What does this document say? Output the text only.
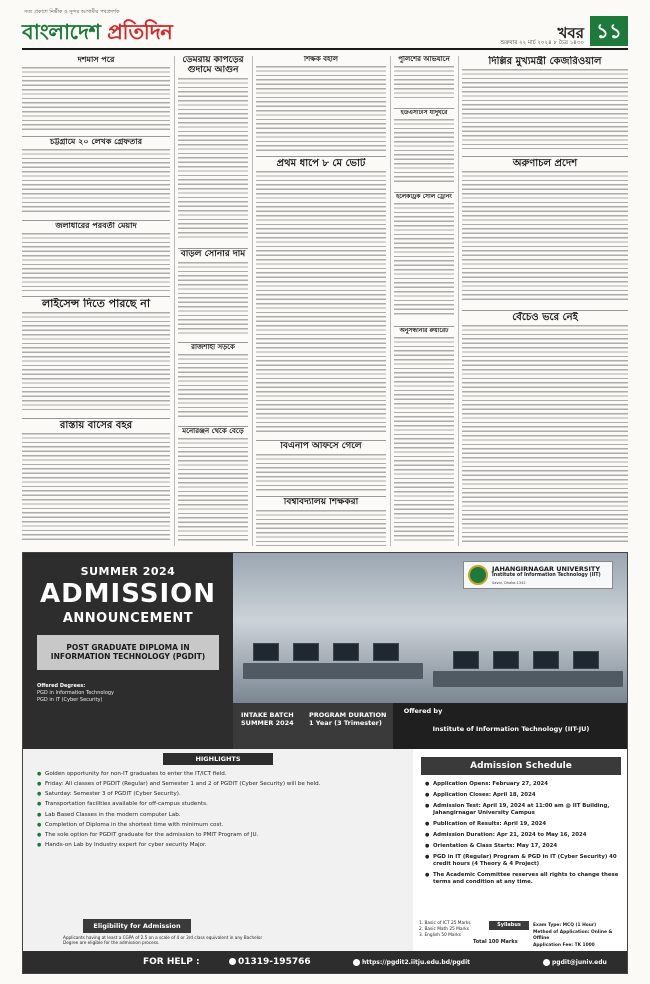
সত্য প্রকাশে নির্ভীক ও সুন্দর আগামীর পথপ্রদর্শক
বাংলাদেশ প্রতিদিন	খবর
শুক্রবার ২২ মার্চ ২০২৪ ৮ চৈত্র ১৪৩০ ১১
দশমাস পরে
চট্টগ্রামে ২০ লেখক গ্রেফতার
জলাধারের পরবর্তী মেয়াদ
লাইসেন্স দিতে পারছে না
রাস্তায় বাসের বহর
ডেমরায় কাপড়ের গুদামে আগুন
বাড়ল সোনার দাম
রাজশাহী সড়কে
মনোরঞ্জন থেকে বেড়ে
শিক্ষক বহাল
প্রথম ধাপে ৮ মে ভোট
বিএনপি অফিসে গেলে
বিশ্ববিদ্যালয় শিক্ষকরা
পুলিশের অভিযানে
ইউএসটিসি যাদুঘরে
ইলেকট্রিক সোল ট্রেনিং
অনুসন্ধানীর রুয়ারেট
দিল্লির মুখ্যমন্ত্রী কেজরিওয়াল
অরুণাচল প্রদেশ
বেঁচেও ভরে নেই
SUMMER 2024
ADMISSION
ANNOUNCEMENT
POST GRADUATE DIPLOMA IN INFORMATION TECHNOLOGY (PGDIT)
Offered Degrees:
PGD in Information Technology
PGD in IT (Cyber Security)
JAHANGIRNAGAR UNIVERSITY
Institute of Information Technology (IIT)
Savar, Dhaka-1342
INTAKE BATCH
SUMMER 2024
PROGRAM DURATION
1 Year (3 Trimester)
Offered by
Institute of Information Technology (IIT-JU)
HIGHLIGHTS
● Golden opportunity for non-IT graduates to enter the IT/ICT field.
● Friday: All classes of PGDIT (Regular) and Semester 1 and 2 of PGDIT (Cyber Security) will be held.
● Saturday: Semester 3 of PGDIT (Cyber Security).
● Transportation facilities available for off-campus students.
● Lab Based Classes in the modern computer Lab.
● Completion of Diploma in the shortest time with minimum cost.
● The sole option for PGDIT graduate for the admission to PMIT Program of JU.
● Hands-on Lab by Industry expert for cyber security Major.
Admission Schedule
● Application Opens: February 27, 2024
● Application Closes: April 18, 2024
● Admission Test: April 19, 2024 at 11:00 am @ IIT Building, Jahangirnagar University Campus
● Publication of Results: April 19, 2024
● Admission Duration: Apr 21, 2024 to May 16, 2024
● Orientation & Class Starts: May 17, 2024
● PGD in IT (Regular) Program & PGD in IT (Cyber Security) 40 credit hours (4 Theory & 4 Project)
● The Academic Committee reserves all rights to change these terms and condition at any time.
Eligibility for Admission
Applicants having at least a CGPA of 2.5 on a scale of 4 or 3rd class equivalent in any Bachelor Degree are eligible for the admission process.
1. Basic of ICT 25 Marks
2. Basic Math 25 Marks
3. English 50 Marks
Syllabus
Total 100 Marks
Exam Type: MCQ (1 Hour)
Method of Application: Online & Offline
Application Fee: TK 1000
FOR HELP :	01319-195766	https://pgdit2.iitju.edu.bd/pgdit	pgdit@juniv.edu
